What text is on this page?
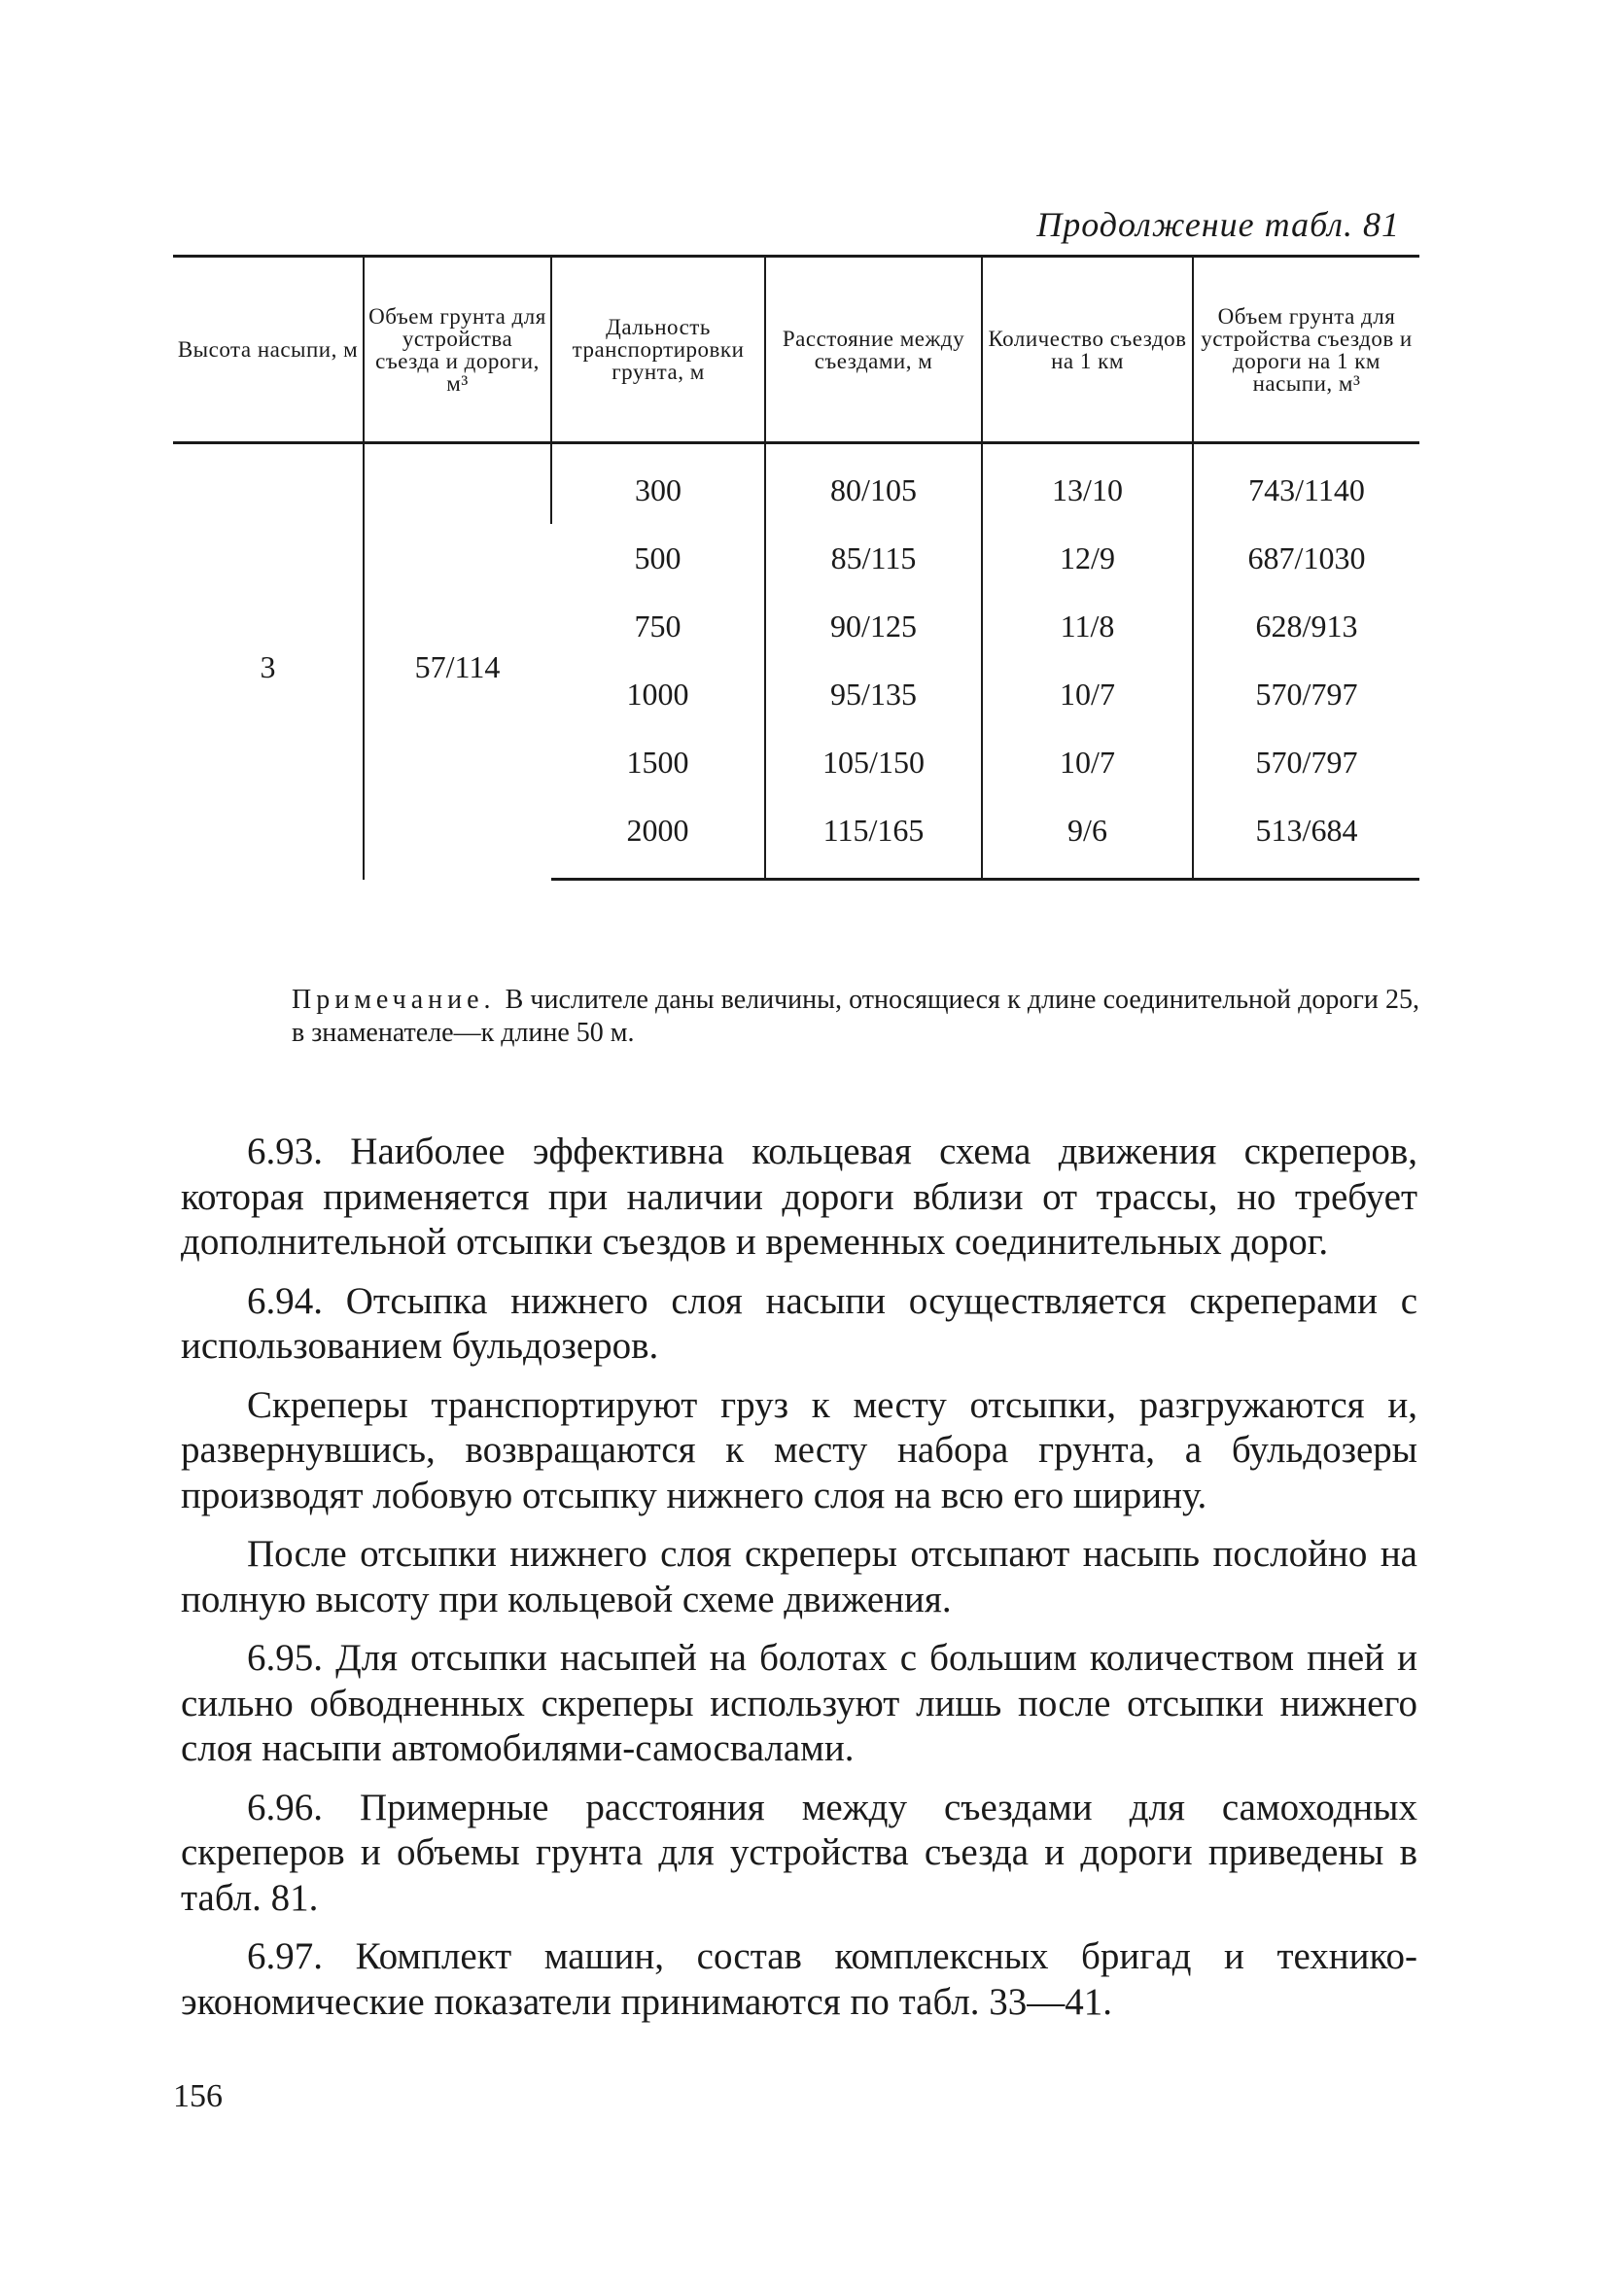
Продолжение табл. 81
Высота насыпи, м	Объем грунта для устройства съезда и дороги, м³	Дальность транспортировки грунта, м	Расстояние между съездами, м	Количество съездов на 1 км	Объем грунта для устройства съездов и дороги на 1 км насыпи, м³
3	57/114	300	80/105	13/10	743/1140
		500	85/115	12/9	687/1030
		750	90/125	11/8	628/913
		1000	95/135	10/7	570/797
		1500	105/150	10/7	570/797
		2000	115/165	9/6	513/684
Примечание. В числителе даны величины, относящиеся к длине соединительной дороги 25, в знаменателе—к длине 50 м.

6.93. Наиболее эффективна кольцевая схема движения скреперов, которая применяется при наличии дороги вблизи от трассы, но требует дополнительной отсыпки съездов и временных соединительных дорог.

6.94. Отсыпка нижнего слоя насыпи осуществляется скреперами с использованием бульдозеров.

Скреперы транспортируют груз к месту отсыпки, разгружаются и, развернувшись, возвращаются к месту набора грунта, а бульдозеры производят лобовую отсыпку нижнего слоя на всю его ширину.

После отсыпки нижнего слоя скреперы отсыпают насыпь послойно на полную высоту при кольцевой схеме движения.

6.95. Для отсыпки насыпей на болотах с большим количеством пней и сильно обводненных скреперы используют лишь после отсыпки нижнего слоя насыпи автомобилями-самосвалами.

6.96. Примерные расстояния между съездами для самоходных скреперов и объемы грунта для устройства съезда и дороги приведены в табл. 81.

6.97. Комплект машин, состав комплексных бригад и технико-экономические показатели принимаются по табл. 33—41.

156
